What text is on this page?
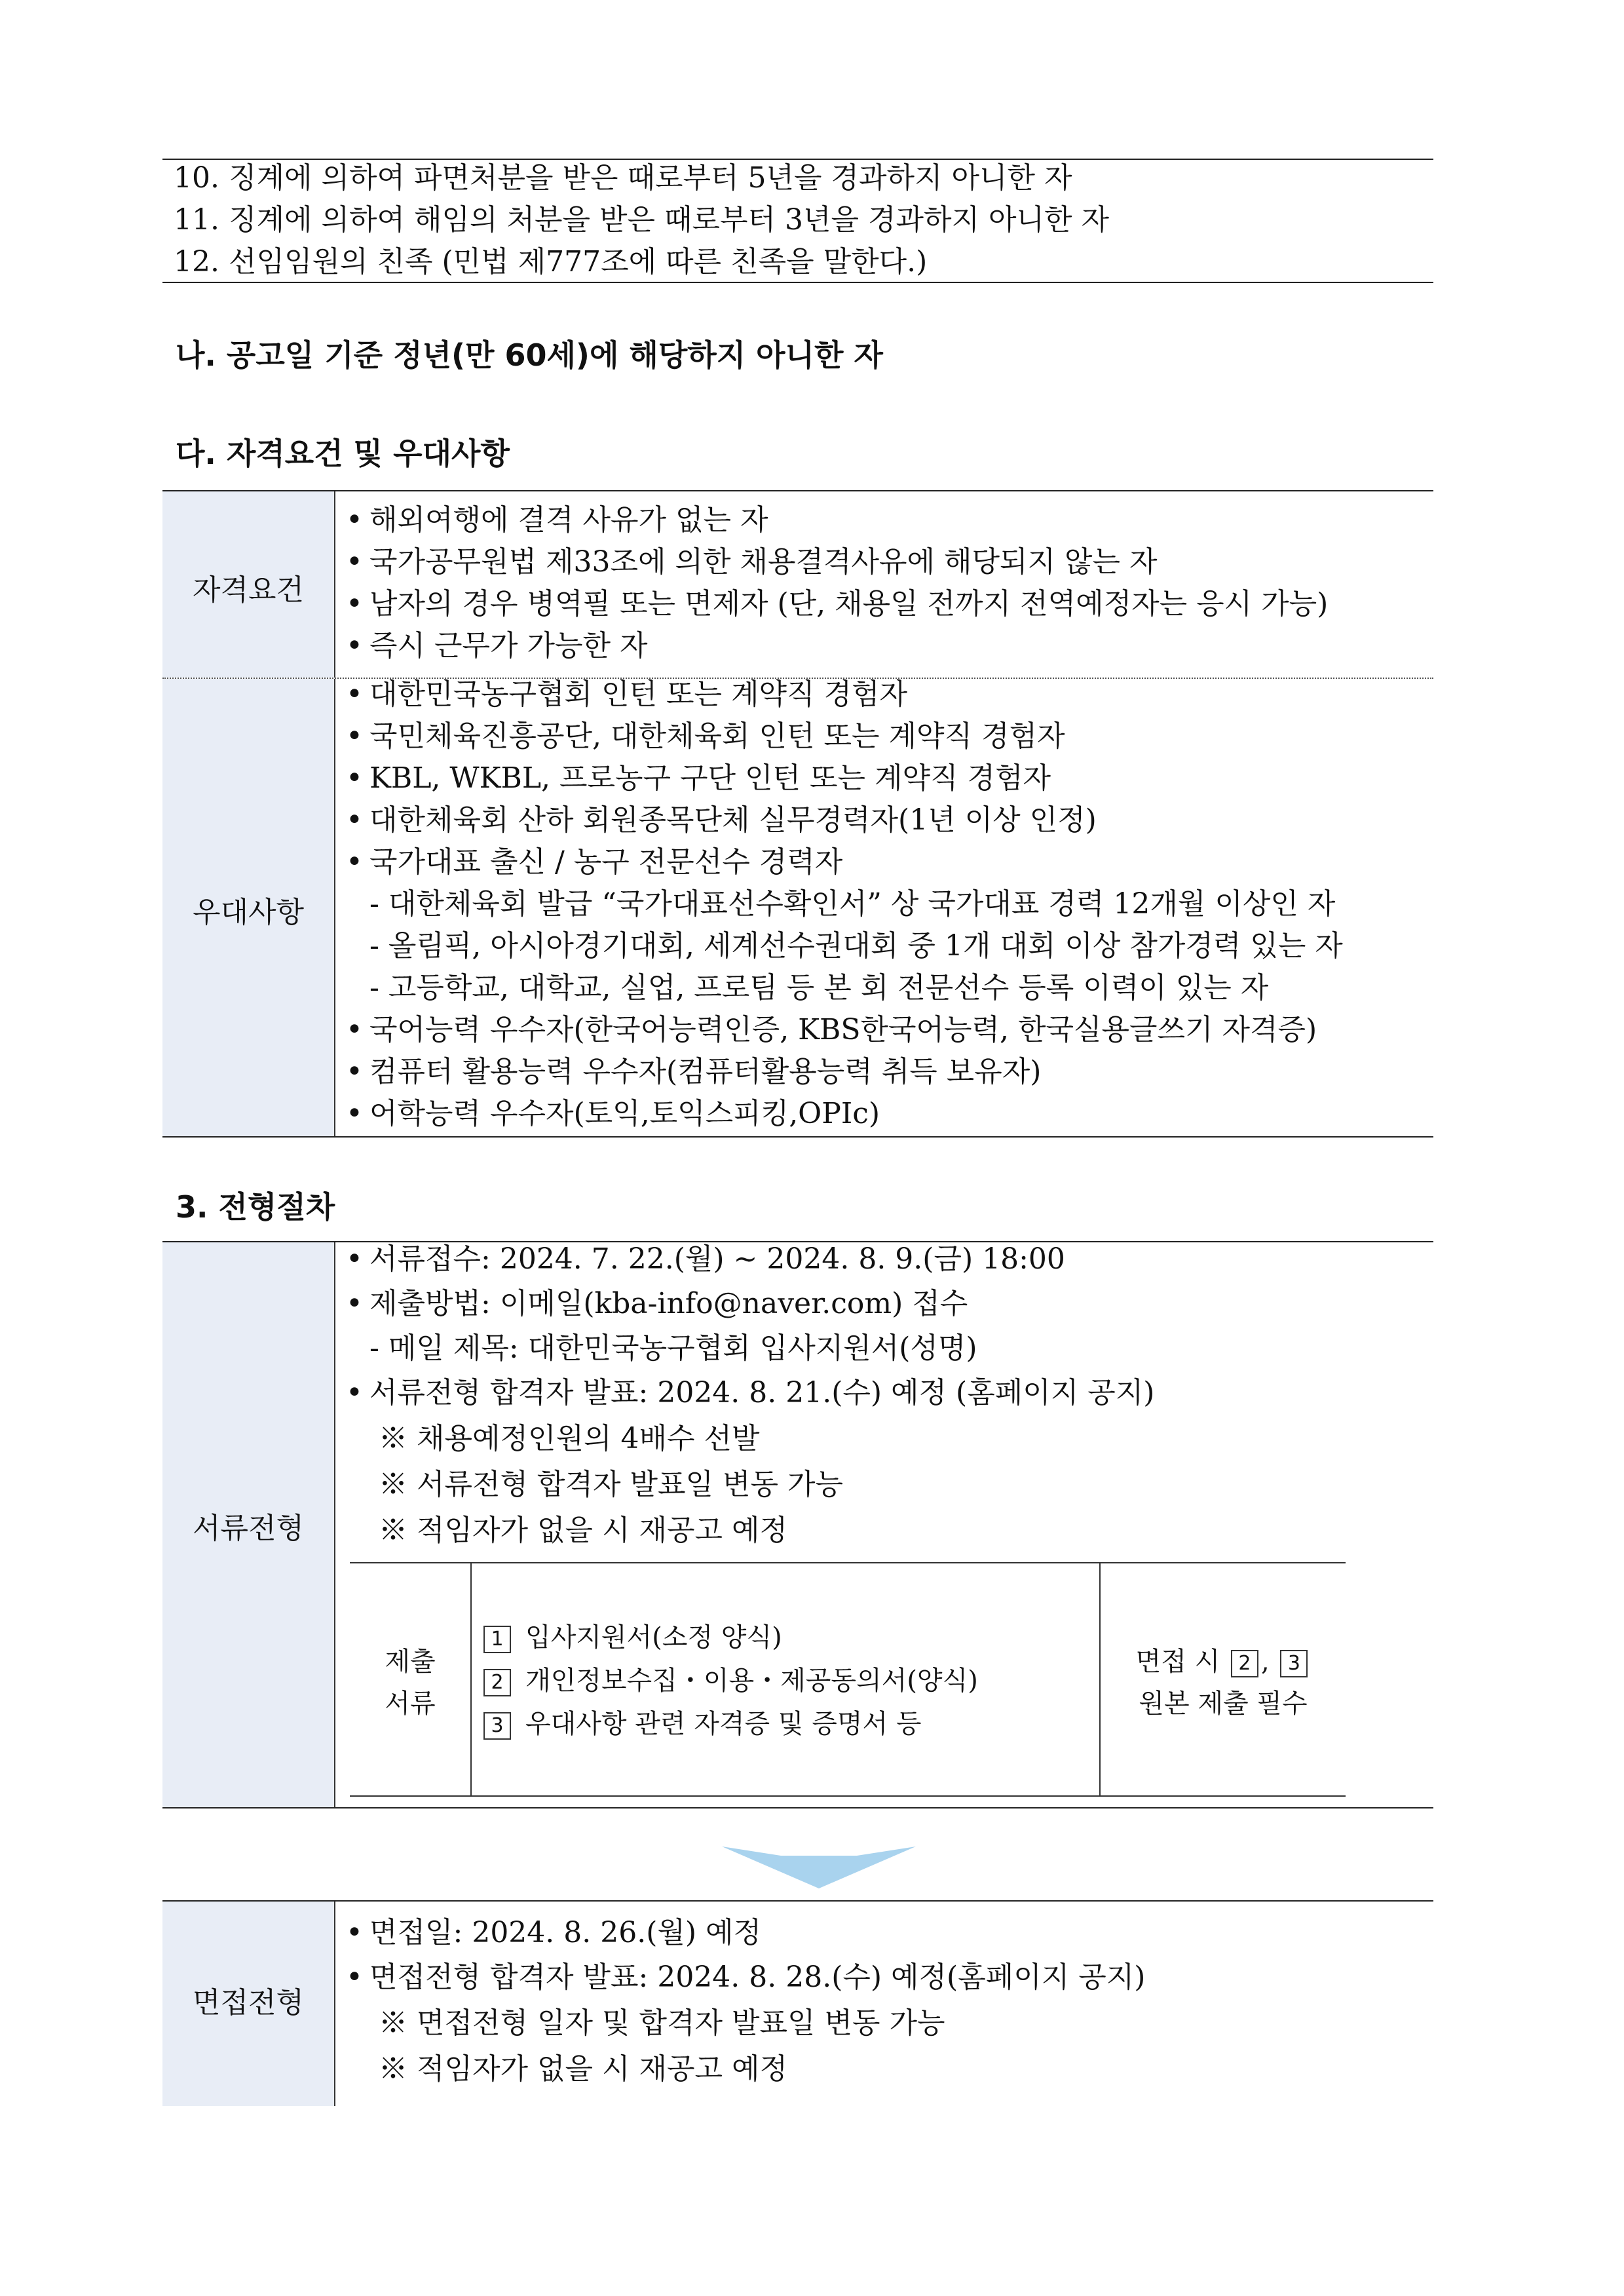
10. 징계에 의하여 파면처분을 받은 때로부터 5년을 경과하지 아니한 자
11. 징계에 의하여 해임의 처분을 받은 때로부터 3년을 경과하지 아니한 자
12. 선임임원의 친족 (민법 제777조에 따른 친족을 말한다.)
나. 공고일 기준 정년(만 60세)에 해당하지 아니한 자
다. 자격요건 및 우대사항
자격요건
• 해외여행에 결격 사유가 없는 자
• 국가공무원법 제33조에 의한 채용결격사유에 해당되지 않는 자
• 남자의 경우 병역필 또는 면제자 (단, 채용일 전까지 전역예정자는 응시 가능)
• 즉시 근무가 가능한 자
우대사항
• 대한민국농구협회 인턴 또는 계약직 경험자
• 국민체육진흥공단, 대한체육회 인턴 또는 계약직 경험자
• KBL, WKBL, 프로농구 구단 인턴 또는 계약직 경험자
• 대한체육회 산하 회원종목단체 실무경력자(1년 이상 인정)
• 국가대표 출신 / 농구 전문선수 경력자
- 대한체육회 발급 “국가대표선수확인서” 상 국가대표 경력 12개월 이상인 자
- 올림픽, 아시아경기대회, 세계선수권대회 중 1개 대회 이상 참가경력 있는 자
- 고등학교, 대학교, 실업, 프로팀 등 본 회 전문선수 등록 이력이 있는 자
• 국어능력 우수자(한국어능력인증, KBS한국어능력, 한국실용글쓰기 자격증)
• 컴퓨터 활용능력 우수자(컴퓨터활용능력 취득 보유자)
• 어학능력 우수자(토익,토익스피킹,OPIc)
3. 전형절차
서류전형
• 서류접수: 2024. 7. 22.(월) ~ 2024. 8. 9.(금) 18:00
• 제출방법: 이메일(kba-info@naver.com) 접수
- 메일 제목: 대한민국농구협회 입사지원서(성명)
• 서류전형 합격자 발표: 2024. 8. 21.(수) 예정 (홈페이지 공지)
※ 채용예정인원의 4배수 선발
※ 서류전형 합격자 발표일 변동 가능
※ 적임자가 없을 시 재공고 예정
제출
서류
1 입사지원서(소정 양식)
2 개인정보수집・이용・제공동의서(양식)
3 우대사항 관련 자격증 및 증명서 등
면접 시 2 , 3
원본 제출 필수
면접전형
• 면접일: 2024. 8. 26.(월) 예정
• 면접전형 합격자 발표: 2024. 8. 28.(수) 예정(홈페이지 공지)
※ 면접전형 일자 및 합격자 발표일 변동 가능
※ 적임자가 없을 시 재공고 예정
